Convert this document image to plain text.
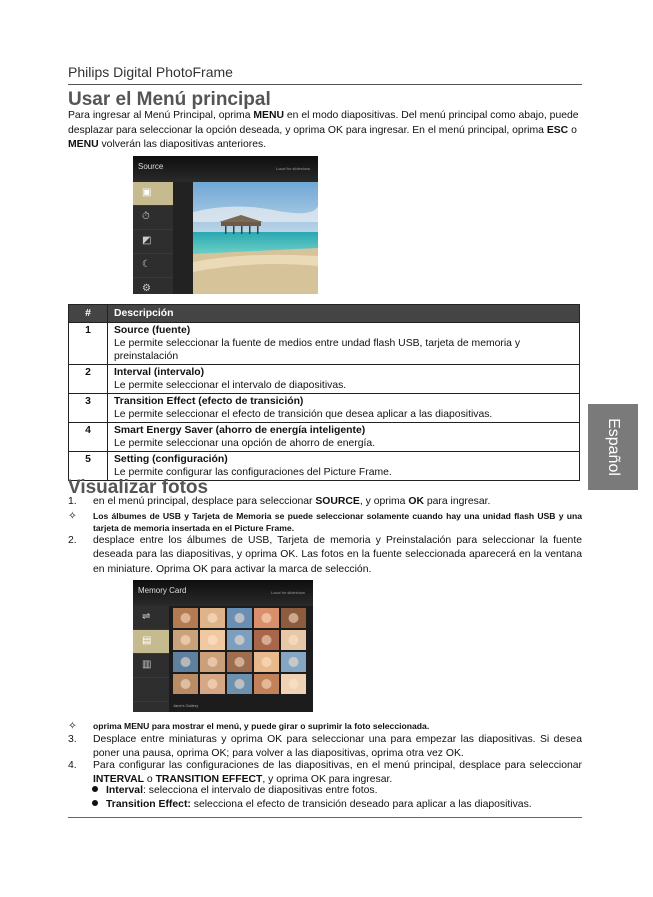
Philips Digital PhotoFrame
Usar el Menú principal
Para ingresar al Menú Principal, oprima MENU en el modo diapositivas. Del menú principal como abajo, puede desplazar para seleccionar la opción deseada, y oprima OK para ingresar. En el menú principal, oprima ESC o MENU volverán las diapositivas anteriores.
Source	Local for slideshow
▣
⏱
◩
☾
⚙
#	Descripción
1	Source (fuente)
Le permite seleccionar la fuente de medios entre undad flash USB, tarjeta de memoria y preinstalación

2	Interval (intervalo)
Le permite seleccionar el intervalo de diapositivas.

3	Transition Effect (efecto de transición)
Le permite seleccionar el efecto de transición que desea aplicar a las diapositivas.

4	Smart Energy Saver (ahorro de energía inteligente)
Le permite seleccionar una opción de ahorro de energía.

5	Setting (configuración)
Le permite configurar las configuraciones del Picture Frame.	Español
Visualizar fotos
1.	en el menú principal, desplace para seleccionar SOURCE, y oprima OK para ingresar.
✧	Los álbumes de USB y Tarjeta de Memoria se puede seleccionar solamente cuando hay una unidad flash USB y una tarjeta de memoria insertada en el Picture Frame.
2.	desplace entre los álbumes de USB, Tarjeta de memoria y Preinstalación para seleccionar la fuente deseada para las diapositivas, y oprima OK. Las fotos en la fuente seleccionada aparecerá en la ventana en miniature. Oprima OK para activar la marca de selección.
Memory Card	Local for slideshow
⇌
▤
▥
Jane's Gallery
✧	oprima MENU para mostrar el menú, y puede girar o suprimir la foto seleccionada.
3.	Desplace entre miniaturas y oprima OK para seleccionar una para empezar las diapositivas. Si desea poner una pausa, oprima OK; para volver a las diapositivas, oprima otra vez OK.
4.	Para configurar las configuraciones de las diapositivas, en el menú principal, desplace para seleccionar INTERVAL o TRANSITION EFFECT, y oprima OK para ingresar.
Interval: selecciona el intervalo de diapositivas entre fotos.
Transition Effect: selecciona el efecto de transición deseado para aplicar a las diapositivas.
